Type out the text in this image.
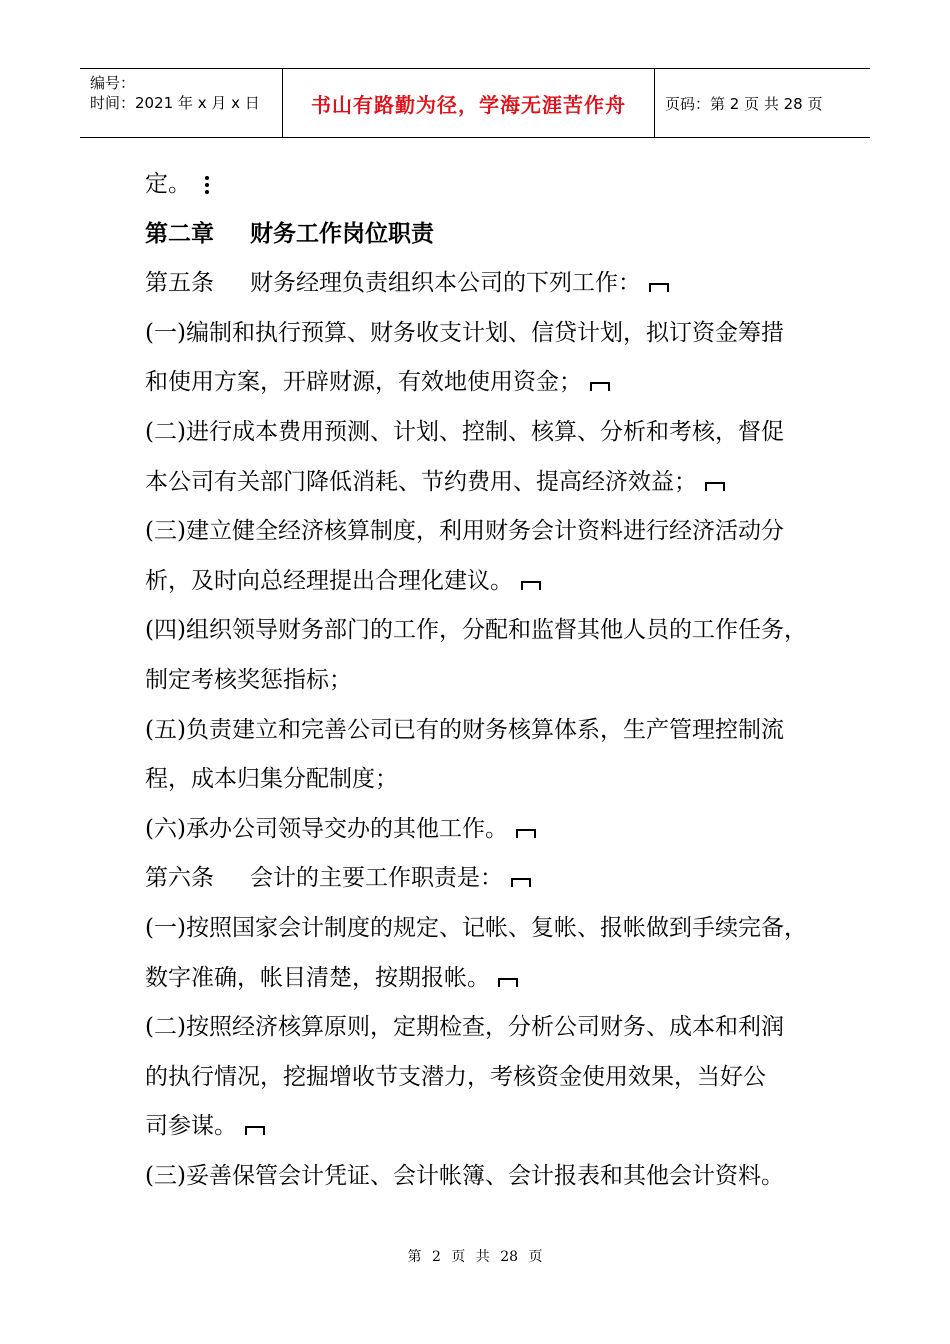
编号：
时间：2021 年 x 月 x 日	书山有路勤为径，学海无涯苦作舟	页码：第 2 页 共 28 页
定。
第二章 财务工作岗位职责
第五条 财务经理负责组织本公司的下列工作：
(一)编制和执行预算、财务收支计划、信贷计划，拟订资金筹措
和使用方案，开辟财源，有效地使用资金；
(二)进行成本费用预测、计划、控制、核算、分析和考核，督促
本公司有关部门降低消耗、节约费用、提高经济效益；
(三)建立健全经济核算制度，利用财务会计资料进行经济活动分
析，及时向总经理提出合理化建议。
(四)组织领导财务部门的工作，分配和监督其他人员的工作任务，
制定考核奖惩指标；
(五)负责建立和完善公司已有的财务核算体系，生产管理控制流
程，成本归集分配制度；
(六)承办公司领导交办的其他工作。
第六条 会计的主要工作职责是：
(一)按照国家会计制度的规定、记帐、复帐、报帐做到手续完备，
数字准确，帐目清楚，按期报帐。
(二)按照经济核算原则，定期检查，分析公司财务、成本和利润
的执行情况，挖掘增收节支潜力，考核资金使用效果，当好公
司参谋。
(三)妥善保管会计凭证、会计帐簿、会计报表和其他会计资料。
第 2 页 共 28 页
